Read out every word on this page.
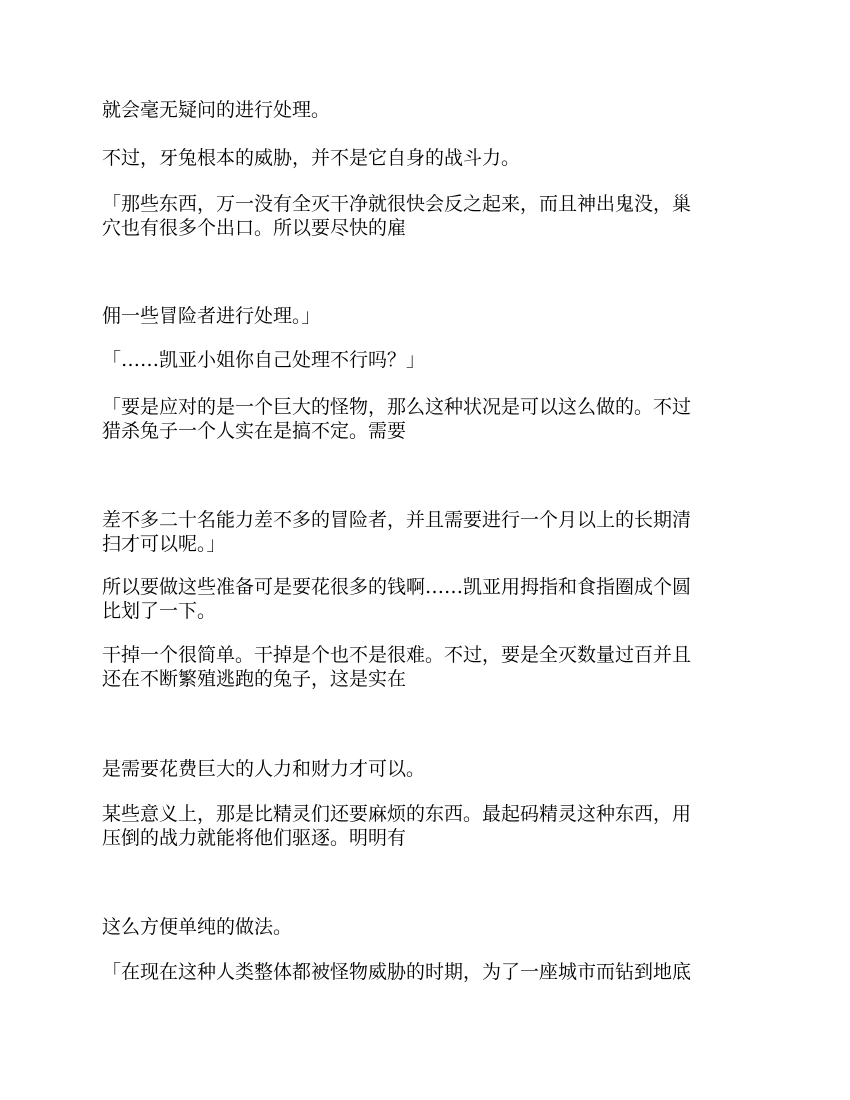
就会毫无疑问的进行处理。

不过，牙兔根本的威胁，并不是它自身的战斗力。

「那些东西，万一没有全灭干净就很快会反之起来，而且神出鬼没，巢
穴也有很多个出口。所以要尽快的雇

佣一些冒险者进行处理。」

「……凯亚小姐你自己处理不行吗？」

「要是应对的是一个巨大的怪物，那么这种状况是可以这么做的。不过
猎杀兔子一个人实在是搞不定。需要

差不多二十名能力差不多的冒险者，并且需要进行一个月以上的长期清
扫才可以呢。」

所以要做这些准备可是要花很多的钱啊……凯亚用拇指和食指圈成个圆
比划了一下。

干掉一个很简单。干掉是个也不是很难。不过，要是全灭数量过百并且
还在不断繁殖逃跑的兔子，这是实在

是需要花费巨大的人力和财力才可以。

某些意义上，那是比精灵们还要麻烦的东西。最起码精灵这种东西，用
压倒的战力就能将他们驱逐。明明有

这么方便单纯的做法。

「在现在这种人类整体都被怪物威胁的时期，为了一座城市而钻到地底
